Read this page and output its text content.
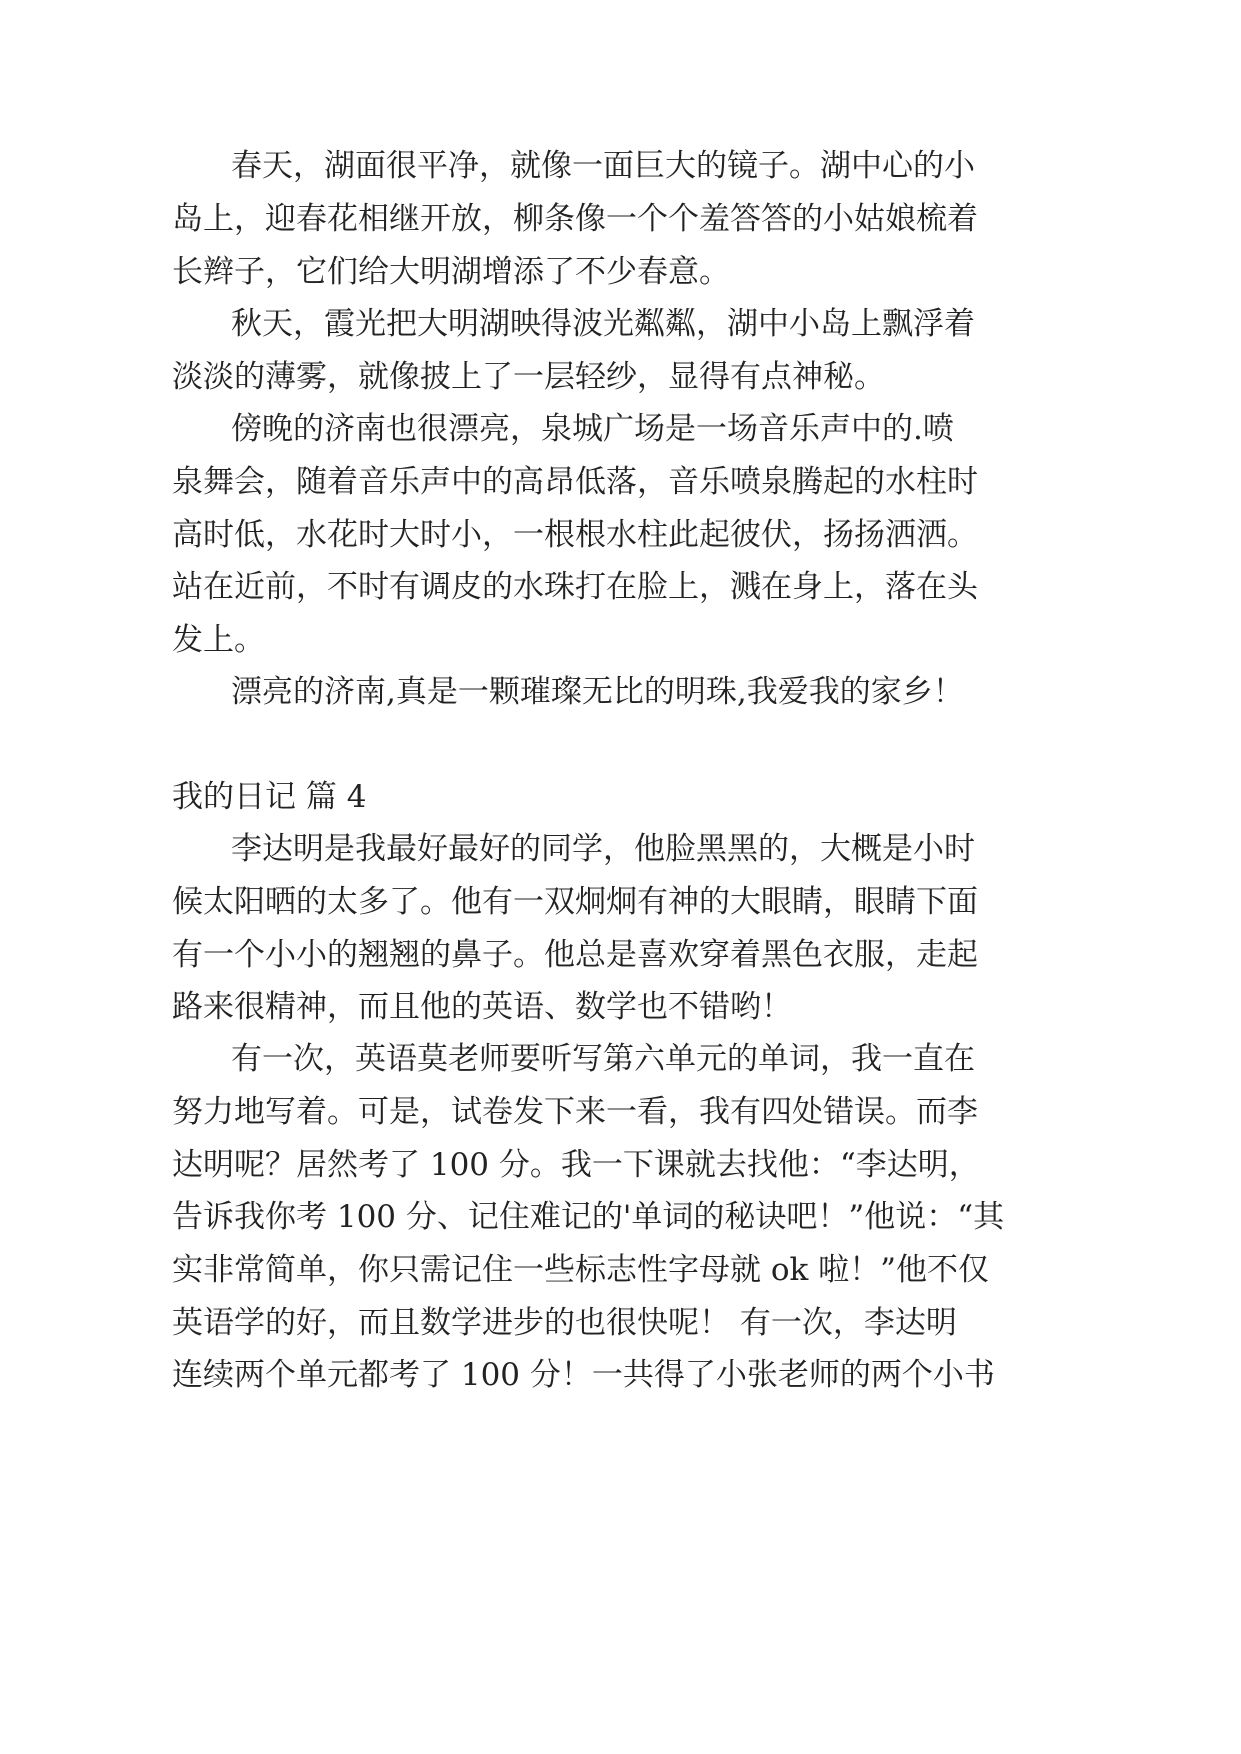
春天，湖面很平净，就像一面巨大的镜子。湖中心的小
岛上，迎春花相继开放，柳条像一个个羞答答的小姑娘梳着
长辫子，它们给大明湖增添了不少春意。
秋天，霞光把大明湖映得波光粼粼，湖中小岛上飘浮着
淡淡的薄雾，就像披上了一层轻纱，显得有点神秘。
傍晚的济南也很漂亮，泉城广场是一场音乐声中的.喷
泉舞会，随着音乐声中的高昂低落，音乐喷泉腾起的水柱时
高时低，水花时大时小，一根根水柱此起彼伏，扬扬洒洒。
站在近前，不时有调皮的水珠打在脸上，溅在身上，落在头
发上。
漂亮的济南,真是一颗璀璨无比的明珠,我爱我的家乡！
我的日记 篇 4
李达明是我最好最好的同学，他脸黑黑的，大概是小时
候太阳晒的太多了。他有一双炯炯有神的大眼睛，眼睛下面
有一个小小的翘翘的鼻子。他总是喜欢穿着黑色衣服，走起
路来很精神，而且他的英语、数学也不错哟！
有一次，英语莫老师要听写第六单元的单词，我一直在
努力地写着。可是，试卷发下来一看，我有四处错误。而李
达明呢？居然考了 100 分。我一下课就去找他：“李达明，
告诉我你考 100 分、记住难记的'单词的秘诀吧！”他说：“其
实非常简单，你只需记住一些标志性字母就 ok 啦！”他不仅
英语学的好，而且数学进步的也很快呢！ 有一次，李达明
连续两个单元都考了 100 分！一共得了小张老师的两个小书
